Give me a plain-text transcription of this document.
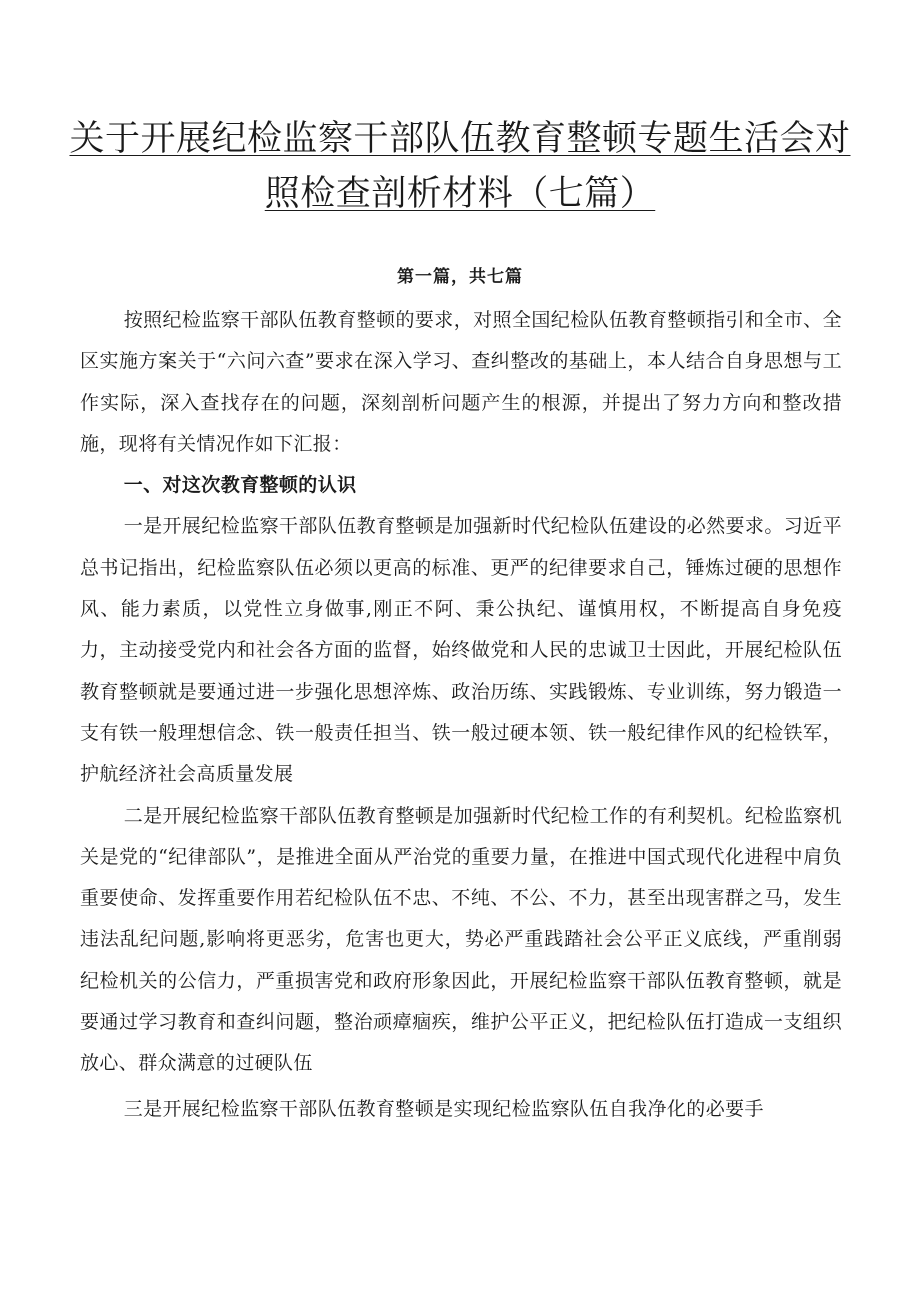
关于开展纪检监察干部队伍教育整顿专题生活会对照检查剖析材料（七篇）
第一篇，共七篇

按照纪检监察干部队伍教育整顿的要求，对照全国纪检队伍教育整顿指引和全市、全区实施方案关于“六问六查”要求在深入学习、查纠整改的基础上，本人结合自身思想与工作实际，深入查找存在的问题，深刻剖析问题产生的根源，并提出了努力方向和整改措施，现将有关情况作如下汇报：

一、对这次教育整顿的认识

一是开展纪检监察干部队伍教育整顿是加强新时代纪检队伍建设的必然要求。习近平总书记指出，纪检监察队伍必须以更高的标准、更严的纪律要求自己，锤炼过硬的思想作风、能力素质，以党性立身做事,刚正不阿、秉公执纪、谨慎用权，不断提高自身免疫力，主动接受党内和社会各方面的监督，始终做党和人民的忠诚卫士因此，开展纪检队伍教育整顿就是要通过进一步强化思想淬炼、政治历练、实践锻炼、专业训练，努力锻造一支有铁一般理想信念、铁一般责任担当、铁一般过硬本领、铁一般纪律作风的纪检铁军，护航经济社会高质量发展

二是开展纪检监察干部队伍教育整顿是加强新时代纪检工作的有利契机。纪检监察机关是党的“纪律部队”，是推进全面从严治党的重要力量，在推进中国式现代化进程中肩负重要使命、发挥重要作用若纪检队伍不忠、不纯、不公、不力，甚至出现害群之马，发生违法乱纪问题,影响将更恶劣，危害也更大，势必严重践踏社会公平正义底线，严重削弱纪检机关的公信力，严重损害党和政府形象因此，开展纪检监察干部队伍教育整顿，就是要通过学习教育和查纠问题，整治顽瘴痼疾，维护公平正义，把纪检队伍打造成一支组织放心、群众满意的过硬队伍

三是开展纪检监察干部队伍教育整顿是实现纪检监察队伍自我净化的必要手
